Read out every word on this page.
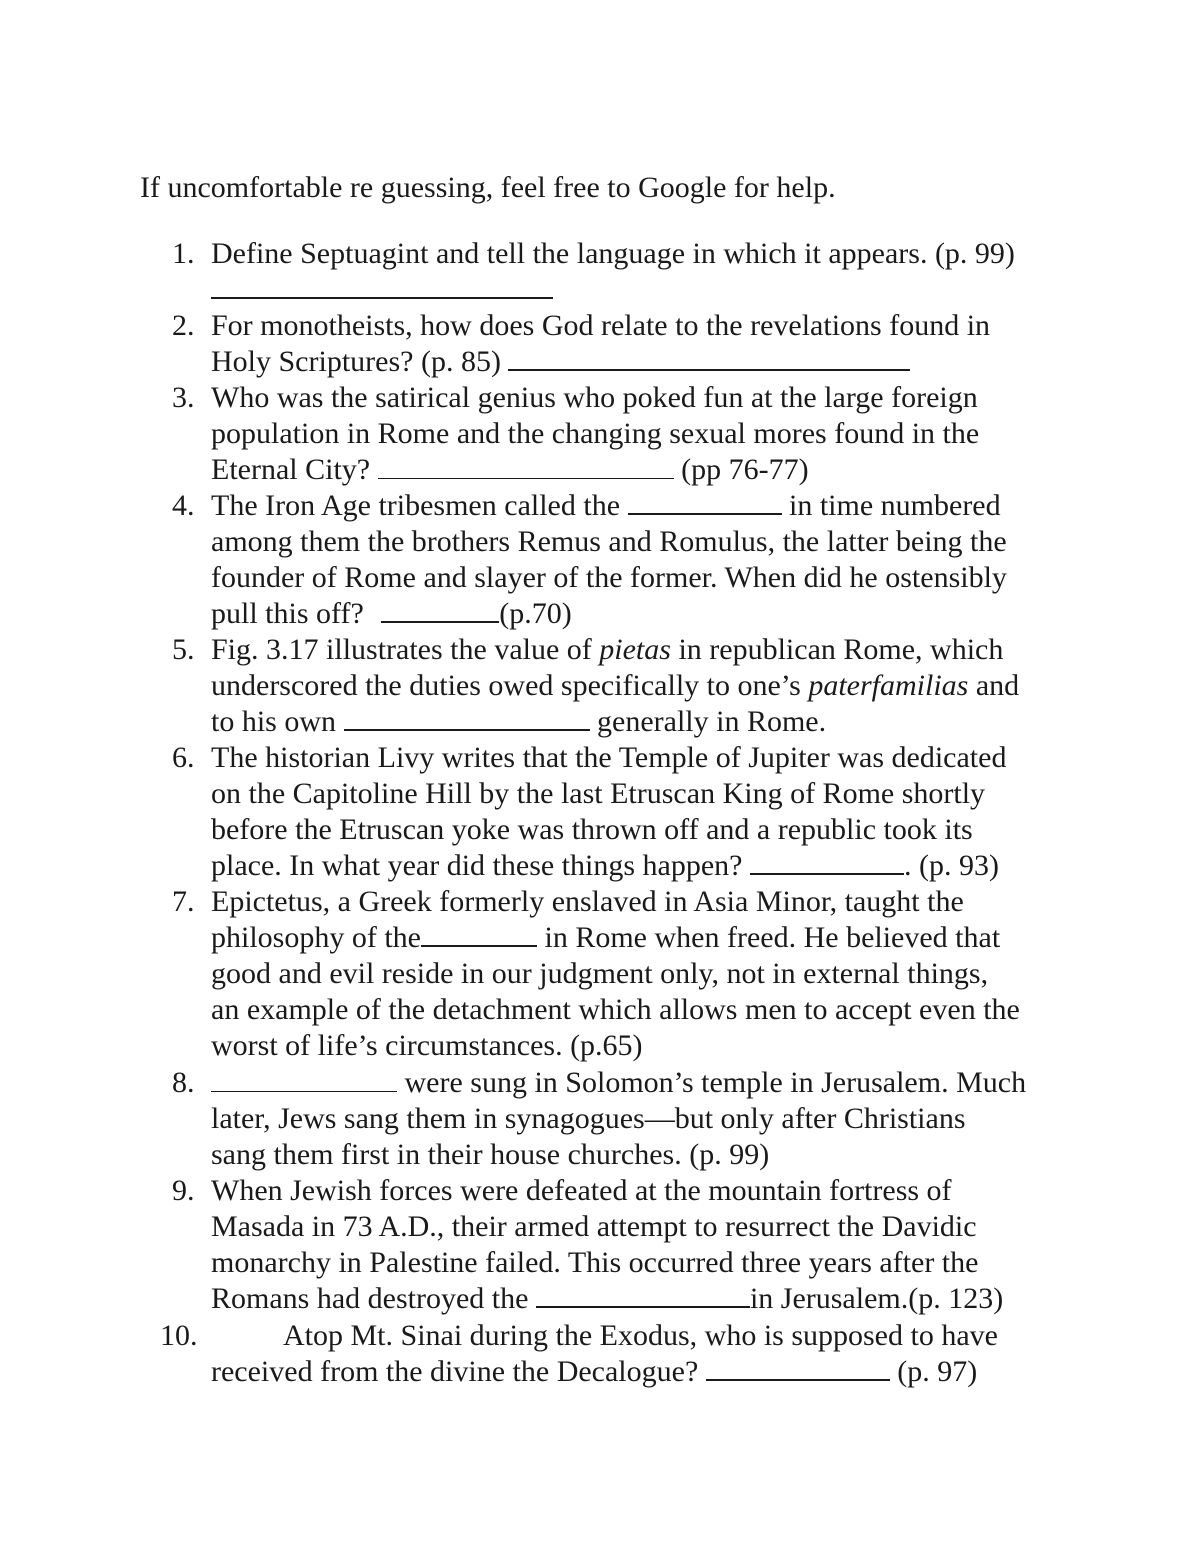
If uncomfortable re guessing, feel free to Google for help.
1. Define Septuagint and tell the language in which it appears. (p. 99)
2. For monotheists, how does God relate to the revelations found in
Holy Scriptures? (p. 85)
3. Who was the satirical genius who poked fun at the large foreign
population in Rome and the changing sexual mores found in the
Eternal City?	(pp 76-77)
4. The Iron Age tribesmen called the	in time numbered
among them the brothers Remus and Romulus, the latter being the
founder of Rome and slayer of the former. When did he ostensibly
pull this off?	(p.70)
5. Fig. 3.17 illustrates the value of pietas in republican Rome, which
underscored the duties owed specifically to one’s paterfamilias and
to his own	generally in Rome.
6. The historian Livy writes that the Temple of Jupiter was dedicated
on the Capitoline Hill by the last Etruscan King of Rome shortly
before the Etruscan yoke was thrown off and a republic took its
place. In what year did these things happen?	. (p. 93)
7. Epictetus, a Greek formerly enslaved in Asia Minor, taught the
philosophy of the	in Rome when freed. He believed that
good and evil reside in our judgment only, not in external things,
an example of the detachment which allows men to accept even the
worst of life’s circumstances. (p.65)
8.	were sung in Solomon’s temple in Jerusalem. Much
later, Jews sang them in synagogues—but only after Christians
sang them first in their house churches. (p. 99)
9. When Jewish forces were defeated at the mountain fortress of
Masada in 73 A.D., their armed attempt to resurrect the Davidic
monarchy in Palestine failed. This occurred three years after the
Romans had destroyed the	in Jerusalem.(p. 123)
10.	Atop Mt. Sinai during the Exodus, who is supposed to have
received from the divine the Decalogue?	(p. 97)
